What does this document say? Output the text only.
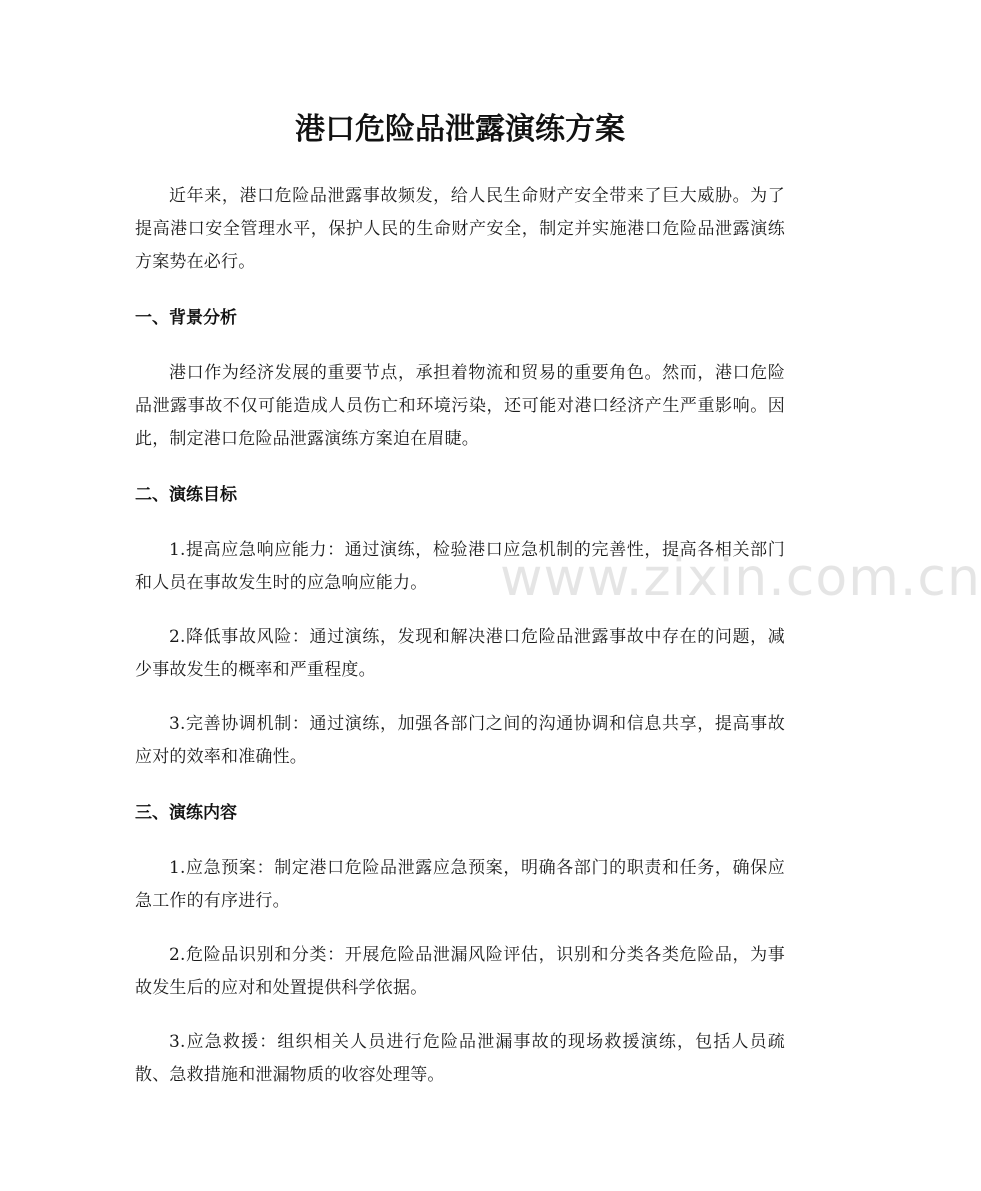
港口危险品泄露演练方案

近年来，港口危险品泄露事故频发，给人民生命财产安全带来了巨大威胁。为了提高港口安全管理水平，保护人民的生命财产安全，制定并实施港口危险品泄露演练方案势在必行。

一、背景分析

港口作为经济发展的重要节点，承担着物流和贸易的重要角色。然而，港口危险品泄露事故不仅可能造成人员伤亡和环境污染，还可能对港口经济产生严重影响。因此，制定港口危险品泄露演练方案迫在眉睫。

二、演练目标

1.提高应急响应能力：通过演练，检验港口应急机制的完善性，提高各相关部门和人员在事故发生时的应急响应能力。

2.降低事故风险：通过演练，发现和解决港口危险品泄露事故中存在的问题，减少事故发生的概率和严重程度。

3.完善协调机制：通过演练，加强各部门之间的沟通协调和信息共享，提高事故应对的效率和准确性。

三、演练内容

1.应急预案：制定港口危险品泄露应急预案，明确各部门的职责和任务，确保应急工作的有序进行。

2.危险品识别和分类：开展危险品泄漏风险评估，识别和分类各类危险品，为事故发生后的应对和处置提供科学依据。

3.应急救援：组织相关人员进行危险品泄漏事故的现场救援演练，包括人员疏散、急救措施和泄漏物质的收容处理等。

www.zixin.com.cn
